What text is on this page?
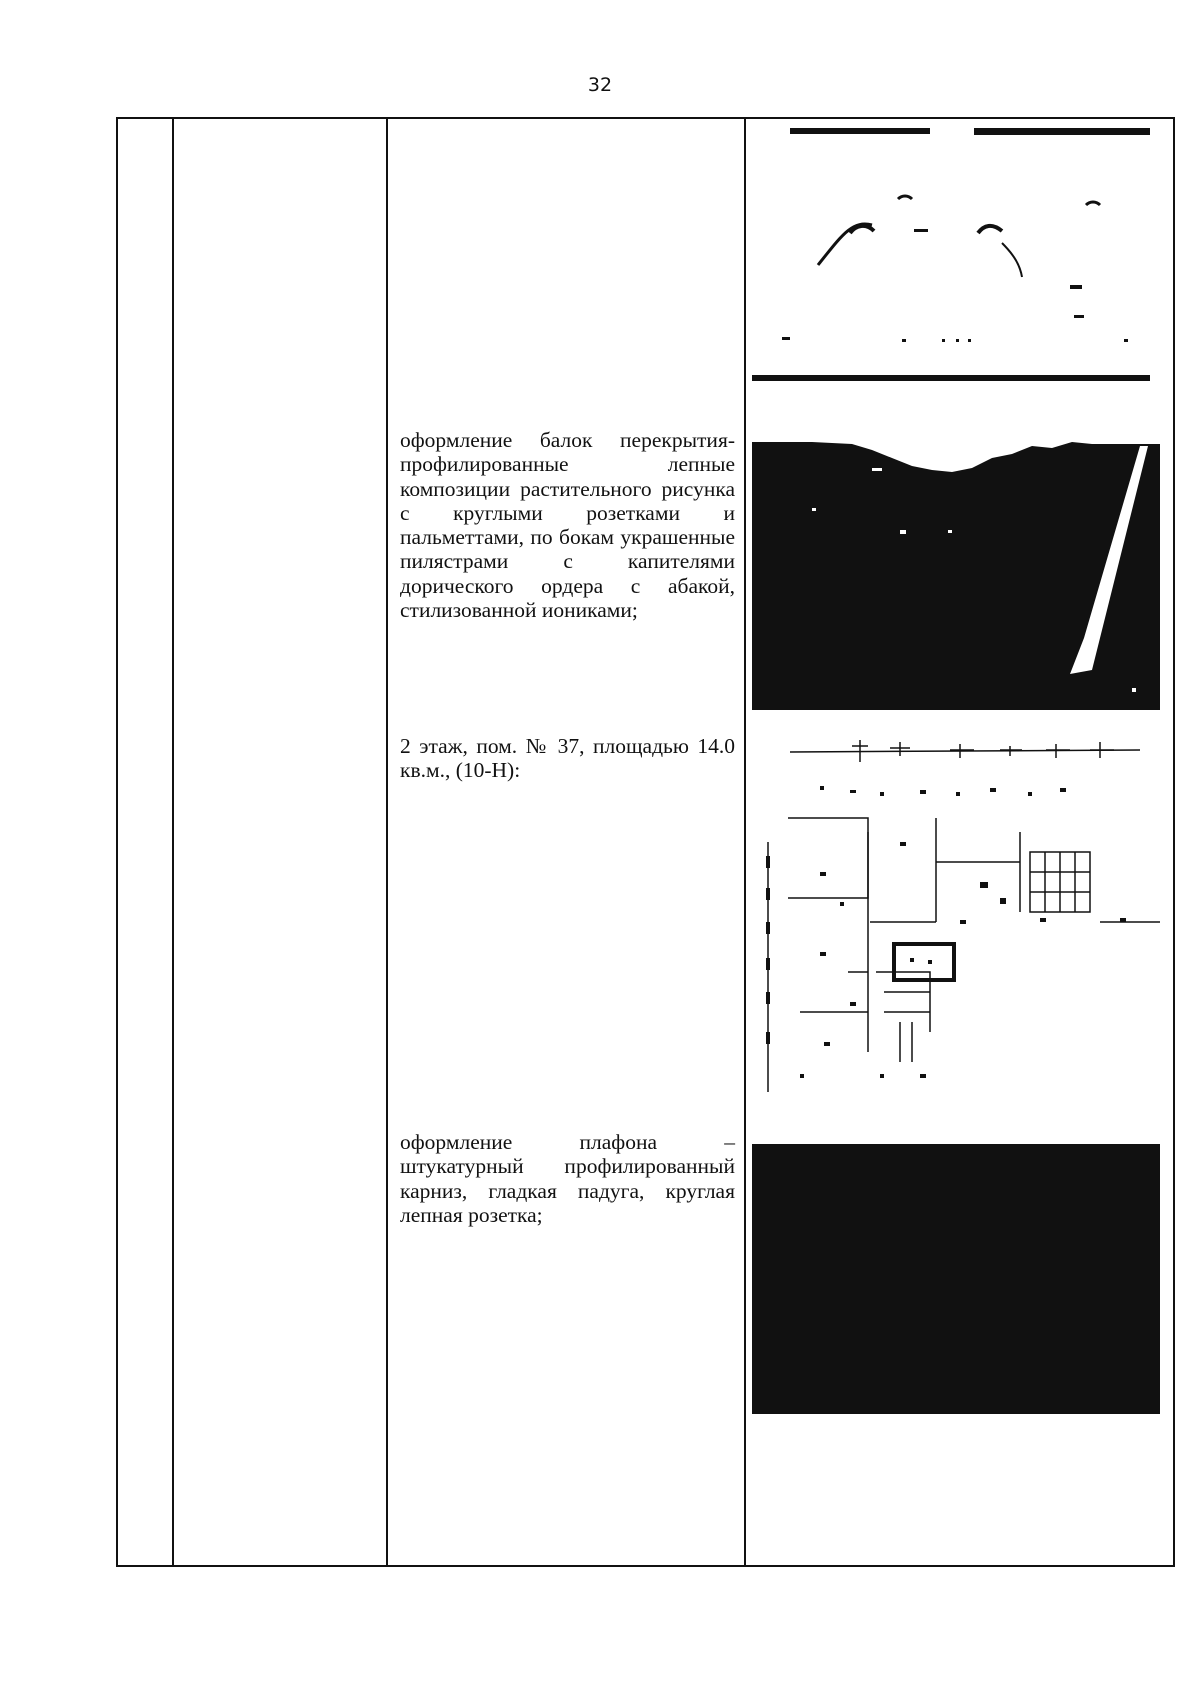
32
оформление балок перекрытия-профилированные лепные композиции растительного рисунка с круглыми розетками и пальметтами, по бокам украшенные пилястрами с капителями дорического ордера с абакой, стилизованной иониками;
2 этаж, пом. № 37, площадью 14.0 кв.м., (10-Н):
оформление плафона – штукатурный профилированный карниз, гладкая падуга, круглая лепная розетка;
